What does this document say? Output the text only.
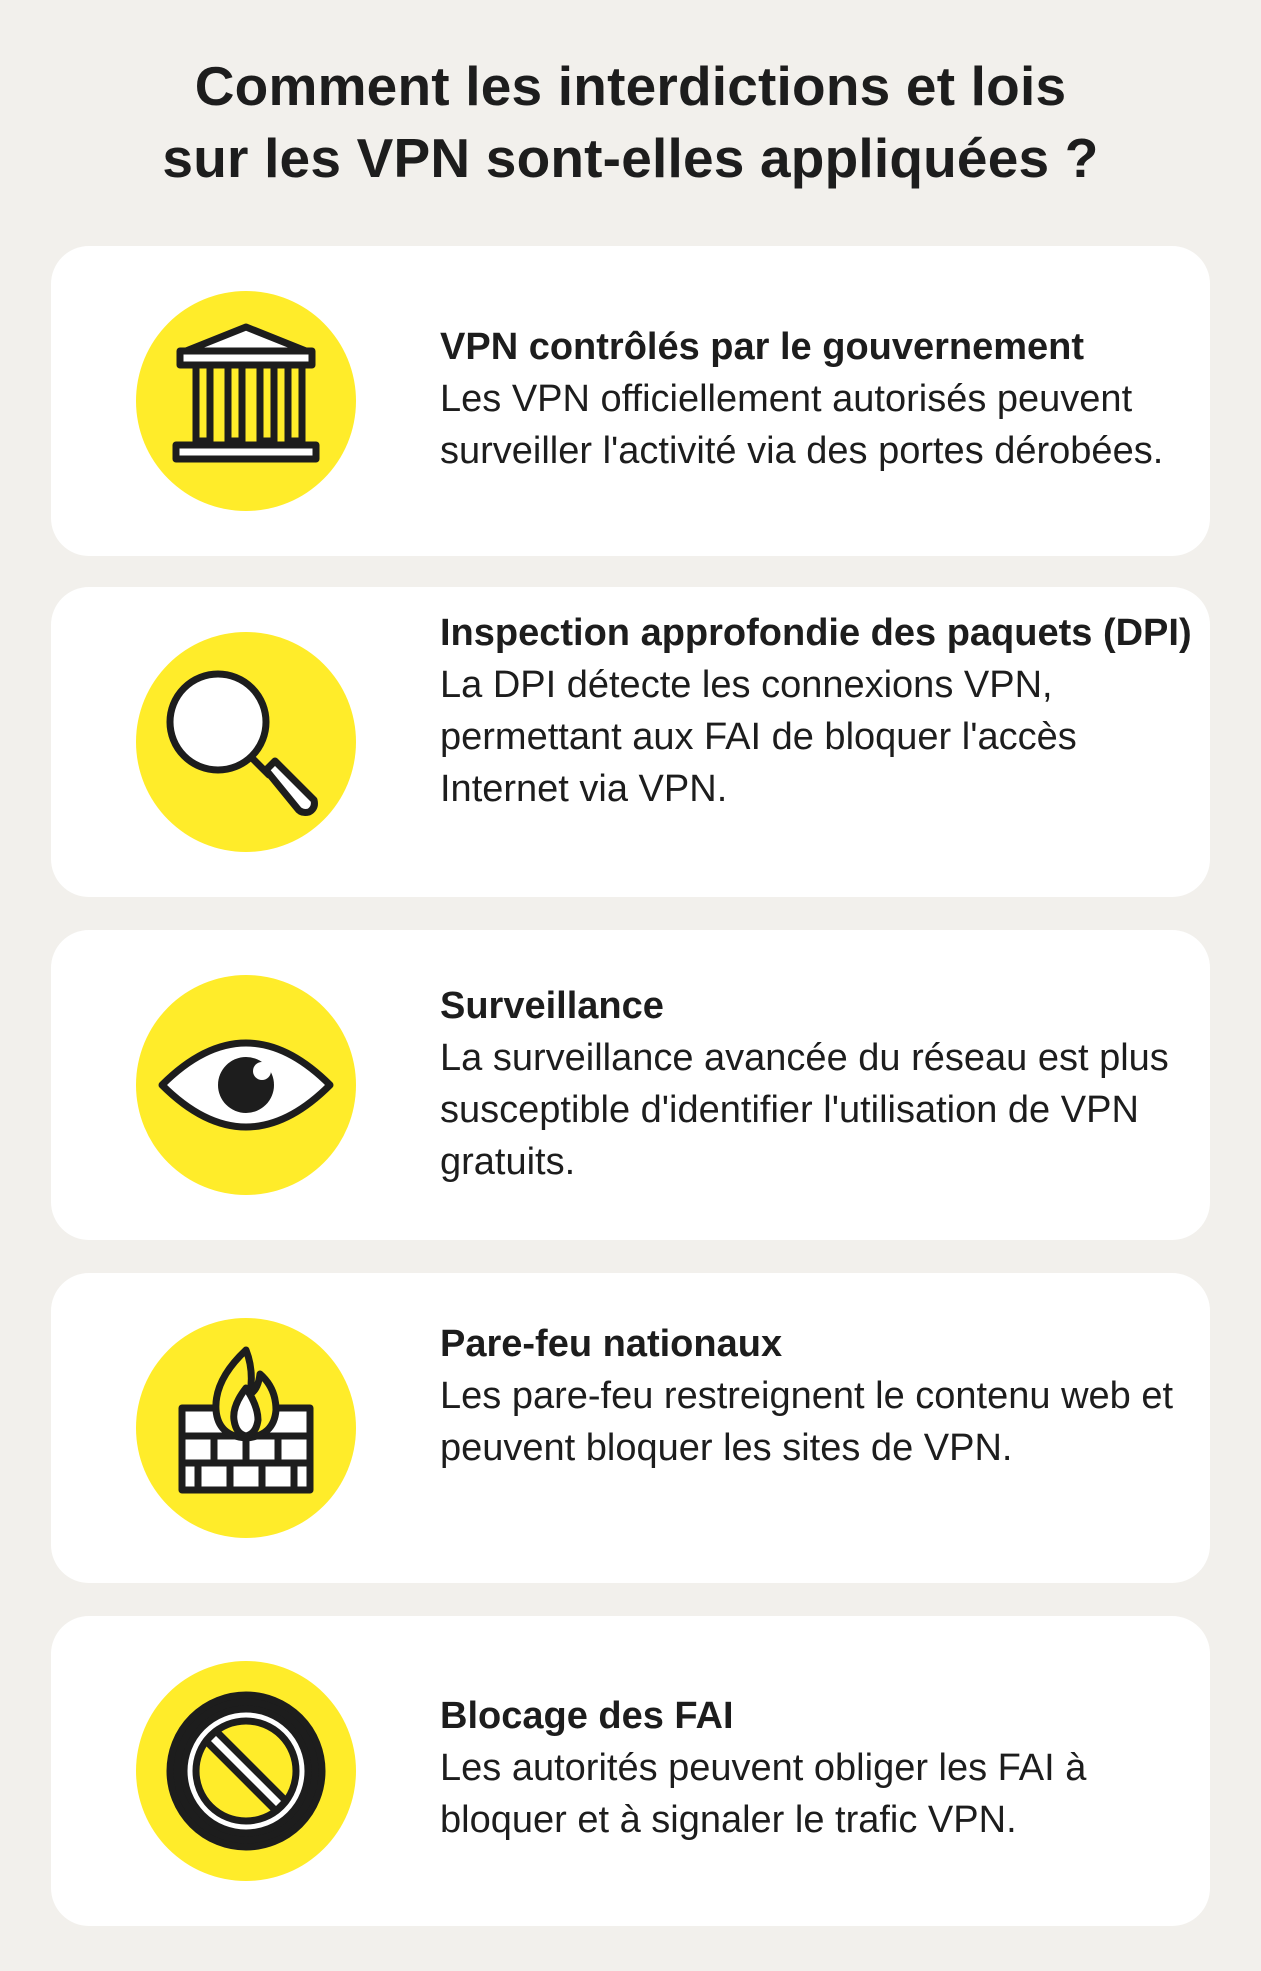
Comment les interdictions et lois
sur les VPN sont-elles appliquées ?

VPN contrôlés par le gouvernement

Les VPN officiellement autorisés peuvent surveiller l'activité via des portes dérobées.

Inspection approfondie des paquets (DPI)

La DPI détecte les connexions VPN, permettant aux FAI de bloquer l'accès Internet via VPN.

Surveillance

La surveillance avancée du réseau est plus susceptible d'identifier l'utilisation de VPN gratuits.

Pare-feu nationaux

Les pare-feu restreignent le contenu web et peuvent bloquer les sites de VPN.

Blocage des FAI

Les autorités peuvent obliger les FAI à bloquer et à signaler le trafic VPN.
